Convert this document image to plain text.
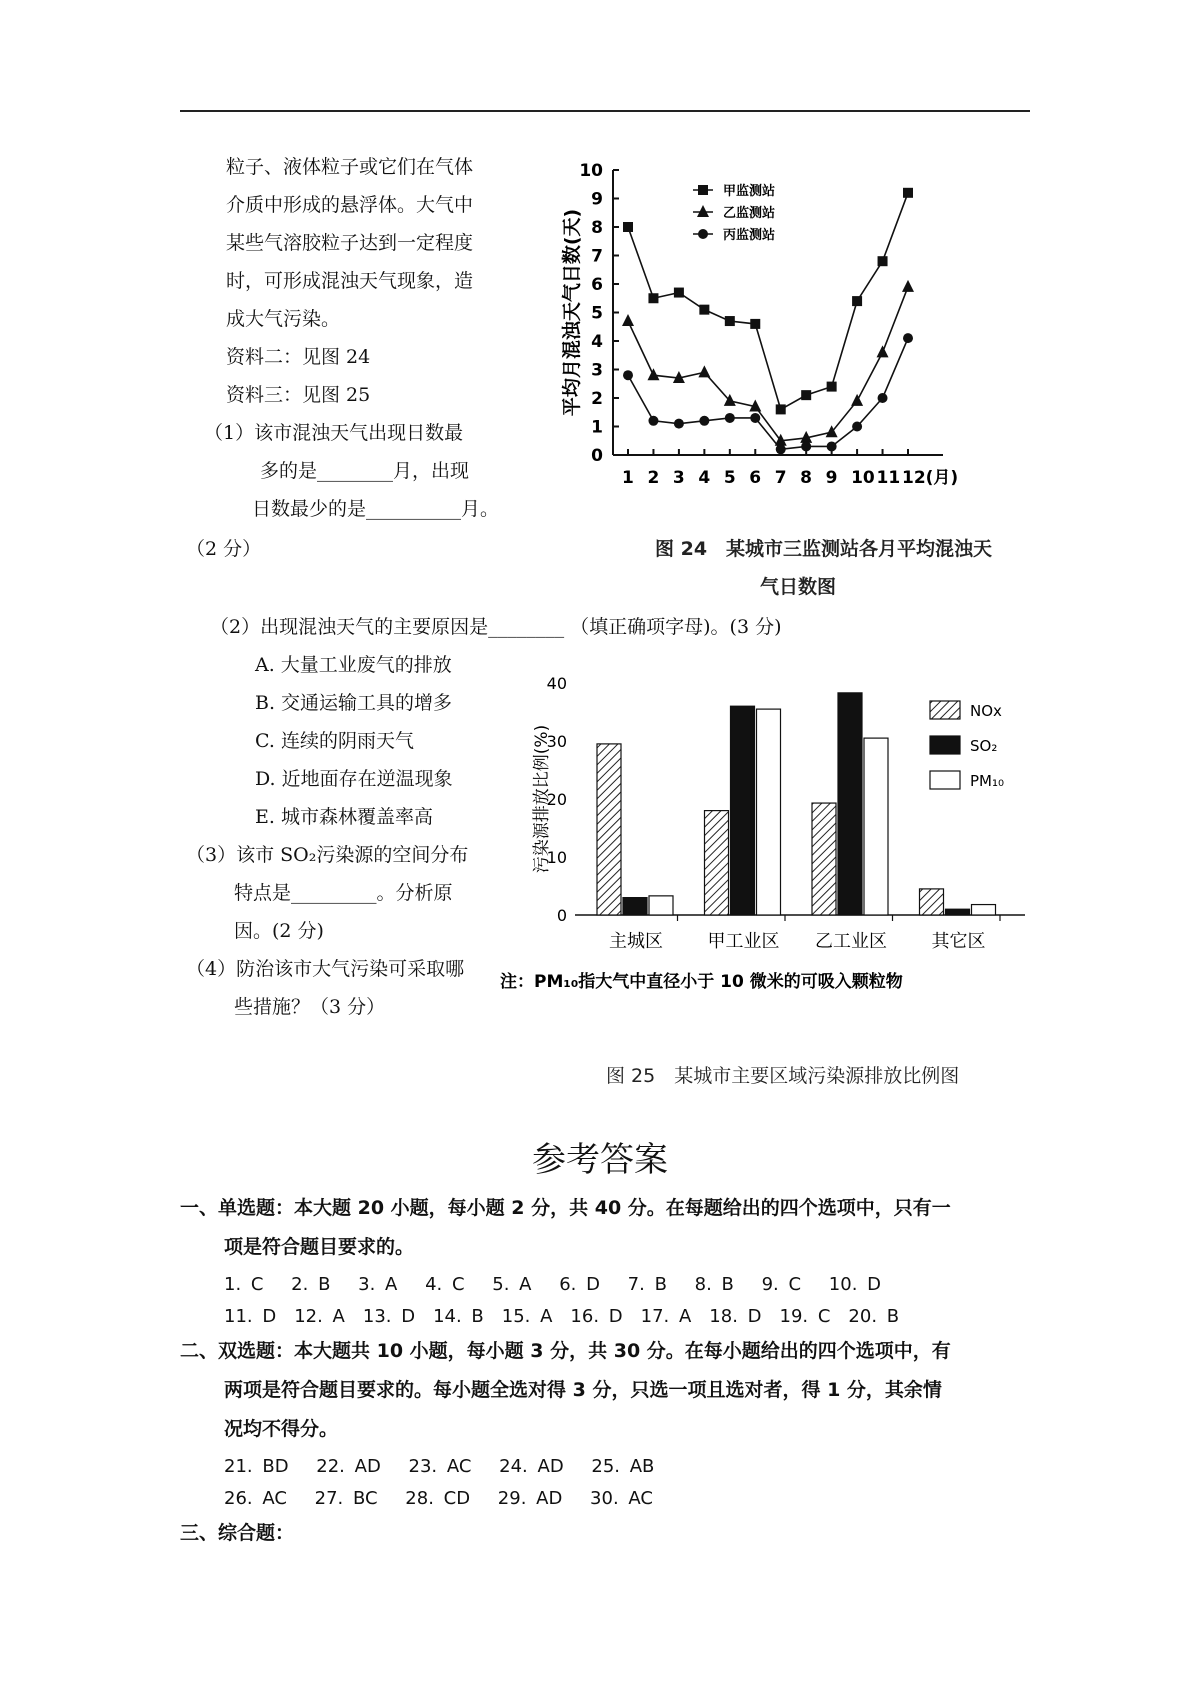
粒子、液体粒子或它们在气体

介质中形成的悬浮体。大气中

某些气溶胶粒子达到一定程度

时，可形成混浊天气现象，造

成大气污染。

资料二：见图 24

资料三：见图 25

（1）该市混浊天气出现日数最

多的是________月，出现

日数最少的是__________月。

（2 分）
0
1
2
3
4
5
6
7
8
9
10
1 2 3 4 5 6 7 8 9 10 11 12(月)
平均月混浊天气日数(天)
甲监测站
乙监测站
丙监测站
图 24　某城市三监测站各月平均混浊天
气日数图
（2）出现混浊天气的主要原因是________ （填正确项字母)。(3 分)
A. 大量工业废气的排放
B. 交通运输工具的增多
C. 连续的阴雨天气
D. 近地面存在逆温现象
E. 城市森林覆盖率高
（3）该市 SO₂污染源的空间分布
特点是_________。分析原
因。(2 分)
（4）防治该市大气污染可采取哪
些措施？（3 分）
0
10
20
30
40
污染源排放比例(%)
主城区 甲工业区 乙工业区 其它区
NOx
SO₂
PM₁₀
注：PM₁₀指大气中直径小于 10 微米的可吸入颗粒物
图 25　某城市主要区域污染源排放比例图
参考答案
一、单选题：本大题 20 小题，每小题 2 分，共 40 分。在每题给出的四个选项中，只有一
项是符合题目要求的。
1. C　 2. B　 3. A　 4. C　 5. A　 6. D　 7. B　 8. B　 9. C　 10. D
11. D　12. A　13. D　14. B　15. A　16. D　17. A　18. D　19. C　20. B
二、双选题：本大题共 10 小题，每小题 3 分，共 30 分。在每小题给出的四个选项中，有
两项是符合题目要求的。每小题全选对得 3 分，只选一项且选对者，得 1 分，其余情
况均不得分。
21. BD　 22. AD　 23. AC　 24. AD　 25. AB
26. AC　 27. BC　 28. CD　 29. AD　 30. AC
三、综合题：
